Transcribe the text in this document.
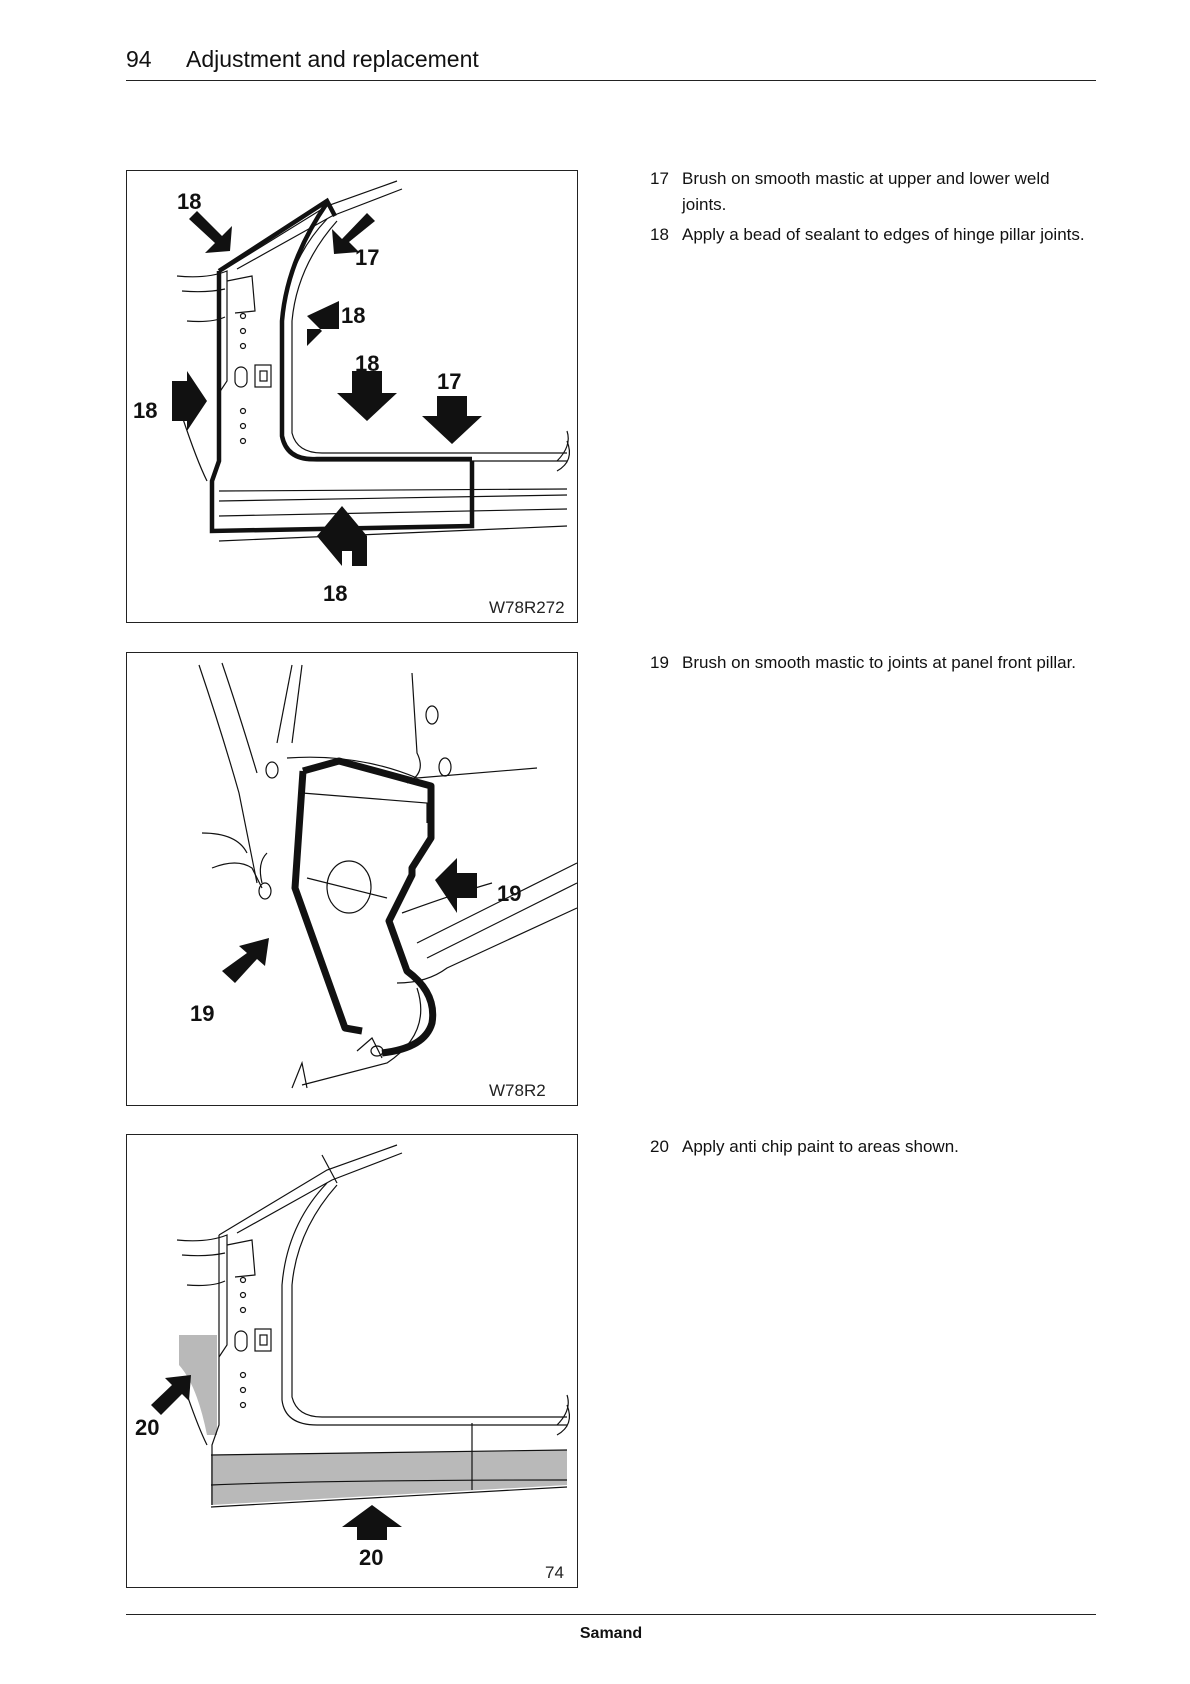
94 Adjustment and replacement
18
17
18
18
17
18
18
W78R272
19
19
W78R2
20
20
74
17 Brush on smooth mastic at upper and lower weld joints.
18 Apply a bead of sealant to edges of hinge pillar joints.
19 Brush on smooth mastic to joints at panel front pillar.
20 Apply anti chip paint to areas shown.
Samand
